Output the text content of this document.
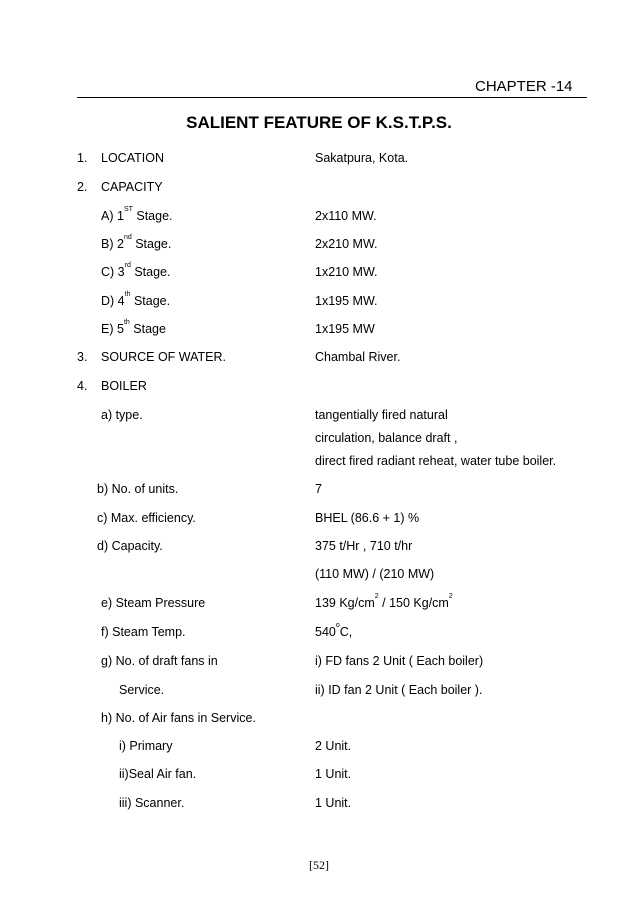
CHAPTER -14
SALIENT FEATURE OF K.S.T.P.S.
1. LOCATION	Sakatpura, Kota.
2. CAPACITY
A) 1ST Stage.	2x110 MW.
B) 2nd Stage.	2x210 MW.
C) 3rd Stage.	1x210 MW.
D) 4th Stage.	1x195 MW.
E) 5th Stage	1x195 MW
3. SOURCE OF WATER.	Chambal River.
4. BOILER
a) type.	tangentially fired natural
circulation, balance draft ,
direct fired radiant reheat, water tube boiler.
b) No. of units.	7
c) Max. efficiency.	BHEL (86.6 + 1) %
d) Capacity.	375 t/Hr , 710 t/hr
(110 MW) / (210 MW)
e) Steam Pressure	139 $Kg/cm^2 / 150$ $Kg/cm^2$
f) Steam Temp.	540$^o$C,
g) No. of draft fans in	i) FD fans 2 Unit ( Each boiler)
Service.	ii) ID fan 2 Unit ( Each boiler ).
h) No. of Air fans in Service.
i) Primary	2 Unit.
ii)Seal Air fan.	1 Unit.
iii) Scanner.	1 Unit.
[52]
